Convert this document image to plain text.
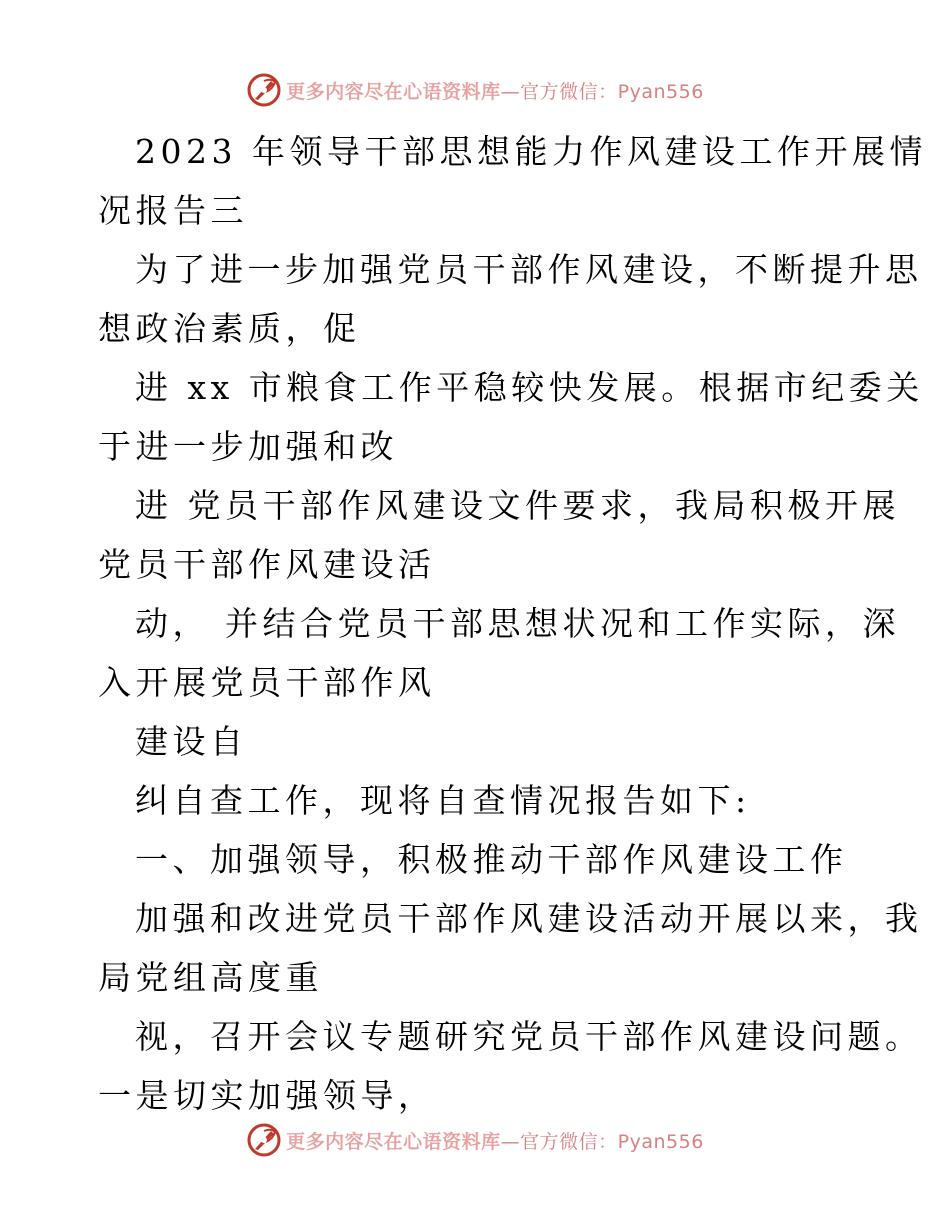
更多内容尽在心语资料库—官方微信：Pyan556
2023 年领导干部思想能力作风建设工作开展情
况报告三
为了进一步加强党员干部作风建设，不断提升思
想政治素质，促
进 xx 市粮食工作平稳较快发展。根据市纪委关
于进一步加强和改
进 党员干部作风建设文件要求，我局积极开展
党员干部作风建设活
动， 并结合党员干部思想状况和工作实际，深
入开展党员干部作风
建设自
纠自查工作，现将自查情况报告如下:
一、加强领导，积极推动干部作风建设工作
加强和改进党员干部作风建设活动开展以来，我
局党组高度重
视，召开会议专题研究党员干部作风建设问题。
一是切实加强领导，
更多内容尽在心语资料库—官方微信：Pyan556
